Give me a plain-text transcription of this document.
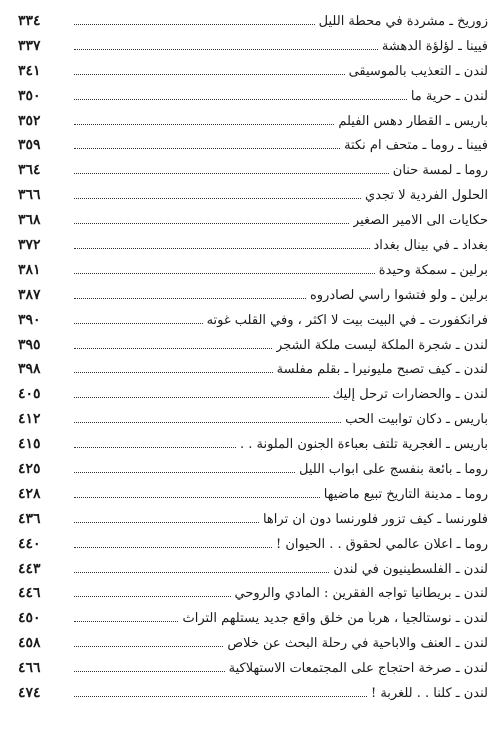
٣٣٤	زوريخ ـ مشردة في محطة الليل
٣٣٧	فيينا ـ لؤلؤة الدهشة
٣٤١	لندن ـ التعذيب بالموسيقى
٣٥٠	لندن ـ حرية ما
٣٥٢	باريس ـ القطار دهس الفيلم
٣٥٩	فيينا ـ روما ـ متحف ام نكتة
٣٦٤	روما ـ لمسة حنان
٣٦٦	الحلول الفردية لا تجدي
٣٦٨	حكايات الى الامير الصغير
٣٧٢	بغداد ـ في بينال بغداد
٣٨١	برلين ـ سمكة وحيدة
٣٨٧	برلين ـ ولو فتشوا رأسي لصادروه
٣٩٠	فرانكفورت ـ في البيت بيت لا اكثر ، وفي القلب غوته
٣٩٥	لندن ـ شجرة الملكة ليست ملكة الشجر
٣٩٨	لندن ـ كيف تصبح مليونيراً ـ بقلم مفلسة
٤٠٥	لندن ـ والحضارات ترحل إليك
٤١٢	باريس ـ دكان توابيت الحب
٤١٥	باريس ـ الغجرية تلتف بعباءة الجنون الملونة . .
٤٢٥	روما ـ بائعة بنفسج على ابواب الليل
٤٢٨	روما ـ مدينة التاريخ تبيع ماضيها
٤٣٦	فلورنسا ـ كيف تزور فلورنسا دون ان تراها
٤٤٠	روما ـ اعلان عالمي لحقوق . . الحيوان !
٤٤٣	لندن ـ الفلسطينيون في لندن
٤٤٦	لندن ـ بريطانيا تواجه الفقرين : المادي والروحي
٤٥٠	لندن ـ نوستالجيا ، هرباً من خلق واقع جديد يستلهم التراث
٤٥٨	لندن ـ العنف والاباحية في رحلة البحث عن خلاص
٤٦٦	لندن ـ صرخة احتجاج على المجتمعات الاستهلاكية
٤٧٤	لندن ـ كلنا . . للغربة !
